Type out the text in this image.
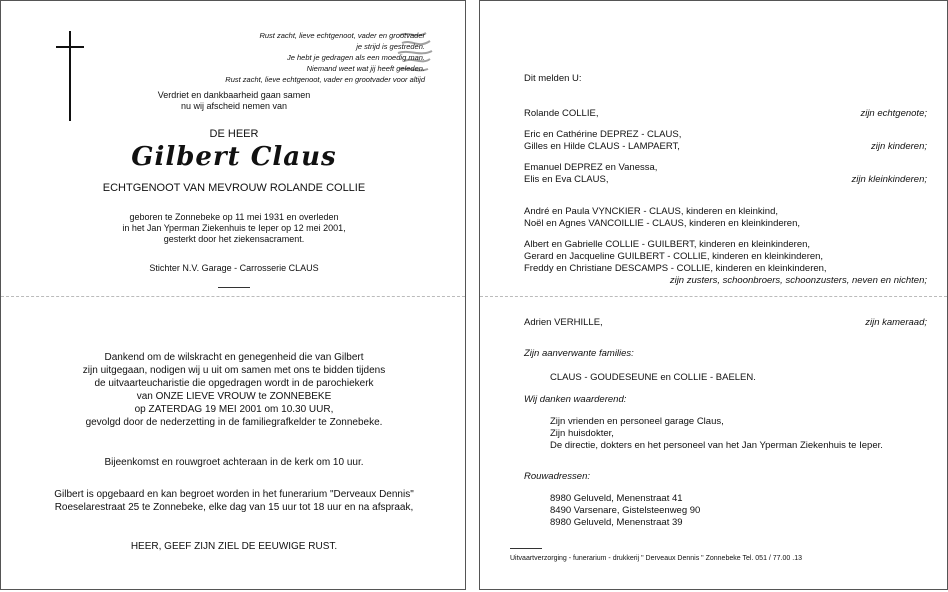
Rust zacht, lieve echtgenoot, vader en grootvader
je strijd is gestreden.
Je hebt je gedragen als een moedig man.
Niemand weet wat jij heeft geleden.
Rust zacht, lieve echtgenoot, vader en grootvader voor altijd
Verdriet en dankbaarheid gaan samen
nu wij afscheid nemen van
DE HEER
Gilbert Claus
ECHTGENOOT VAN MEVROUW ROLANDE COLLIE
geboren te Zonnebeke op 11 mei 1931 en overleden
in het Jan Yperman Ziekenhuis te Ieper op 12 mei 2001,
gesterkt door het ziekensacrament.
Stichter N.V. Garage - Carrosserie CLAUS
Dankend om de wilskracht en genegenheid die van Gilbert
zijn uitgegaan, nodigen wij u uit om samen met ons te bidden tijdens
de uitvaarteucharistie die opgedragen wordt in de parochiekerk
van ONZE LIEVE VROUW te ZONNEBEKE
op ZATERDAG 19 MEI 2001 om 10.30 UUR,
gevolgd door de nederzetting in de familiegrafkelder te Zonnebeke.
Bijeenkomst en rouwgroet achteraan in de kerk om 10 uur.
Gilbert is opgebaard en kan begroet worden in het funerarium "Derveaux Dennis"
Roeselarestraat 25 te Zonnebeke, elke dag van 15 uur tot 18 uur en na afspraak,
HEER, GEEF ZIJN ZIEL DE EEUWIGE RUST.
Dit melden U:
Rolande COLLIE,	zijn echtgenote;
Eric en Cathérine DEPREZ - CLAUS,
Gilles en Hilde CLAUS - LAMPAERT,	zijn kinderen;
Emanuel DEPREZ en Vanessa,
Elis en Eva CLAUS,	zijn kleinkinderen;
André en Paula VYNCKIER - CLAUS, kinderen en kleinkind,
Noël en Agnes VANCOILLIE - CLAUS, kinderen en kleinkinderen,
Albert en Gabrielle COLLIE - GUILBERT, kinderen en kleinkinderen,
Gerard en Jacqueline GUILBERT - COLLIE, kinderen en kleinkinderen,
Freddy en Christiane DESCAMPS - COLLIE, kinderen en kleinkinderen,
zijn zusters, schoonbroers, schoonzusters, neven en nichten;
Adrien VERHILLE,	zijn kameraad;
Zijn aanverwante families:
CLAUS - GOUDESEUNE en COLLIE - BAELEN.
Wij danken waarderend:
Zijn vrienden en personeel garage Claus,
Zijn huisdokter,
De directie, dokters en het personeel van het Jan Yperman Ziekenhuis te Ieper.
Rouwadressen:
8980 Geluveld, Menenstraat 41
8490 Varsenare, Gistelsteenweg 90
8980 Geluveld, Menenstraat 39
Uitvaartverzorging - funerarium - drukkerij " Derveaux Dennis " Zonnebeke Tel. 051 / 77.00 .13
